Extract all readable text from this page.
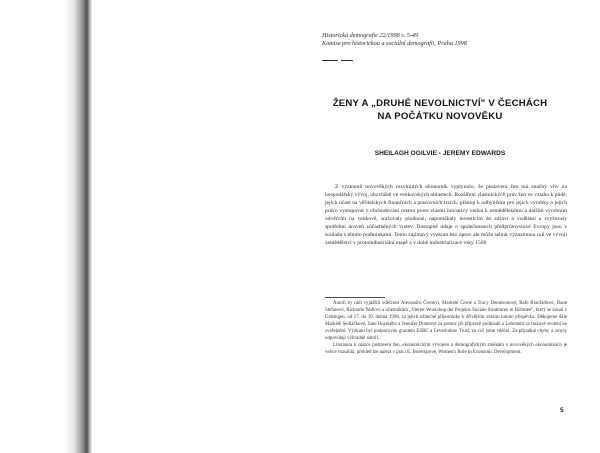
Historická demografie 22/1998 s. 5-49
Komise pro historickou a sociální demografii, Praha 1998
ŽENY A „DRUHÉ NEVOLNICTVÍ" V ČECHÁCH
NA POČÁTKU NOVOVĚKU
SHEILAGH OGILVIE - JEREMY EDWARDS

Z výzkumů novověkých rozvinutých ekonomik vyplynulo, že postavení žen má značný vliv na hospodářský vývoj, obzvláště ve venkovských oblastech. Rozšíření vlastnických práv žen ve vztahu k půdě, jejich účast na věřitelských finančních a pracovních trzích, přístup k odbytištím pro jejich výrobky a jejich právo vystupovat v obchodování cestou proto vlastní iniciativy vedou k zemědělskému a dalším výrobním odvětvím na venkově, snižovaly plodnost, napomáhaly investicím do zdraví a vzdělání a zvyšovaly spotřební úroveň zúčastněných vrstev. Dostupné údaje o společnostech předprůmyslové Evropy jsou v souladu s těmito podmínkami. Tento zajímavý výzkum bez úprav ale může sehrát významnou roli ve vývoji zemědělství v protoindustriální etapě a v době industrializace roky 1500

Autoři by rádi vyjádřili vděčnost Alexandru Černovi, Markétě Černé a Tracy Dennisonové, Rafe Blaufarbovi, Dane Stefanovi, Richardu Wallovi a účastníkům „Vierter Workshop der Projekts Soziale Strukturen in Böhmen", který se konal v Göttingen, od 17. do 19. dubna 1998, za jejich užitečné připomínky k dřívějším verzím tohoto příspěvku. Děkujeme dále Markétě Sedláčkové, Janu Horského a Jennifer Dunnové za pomoc při přípravě podkladů a Lehrstuhl za laskavé svolení ke zveřejnění. Výzkum byl podporován grantem ESRC a Leverhulme Trust, za což jsme vděčni. Za případné chyby a omyly odpovídají výhradně autoři.

Literatura k otázce postavení žen, ekonomickým vývojem a demografickým změnám v novověkých ekonomikách je velice rozsáhlá; přehled lze nalézt v práci E. Boserupové, Women's Role in Economic Development.

5
